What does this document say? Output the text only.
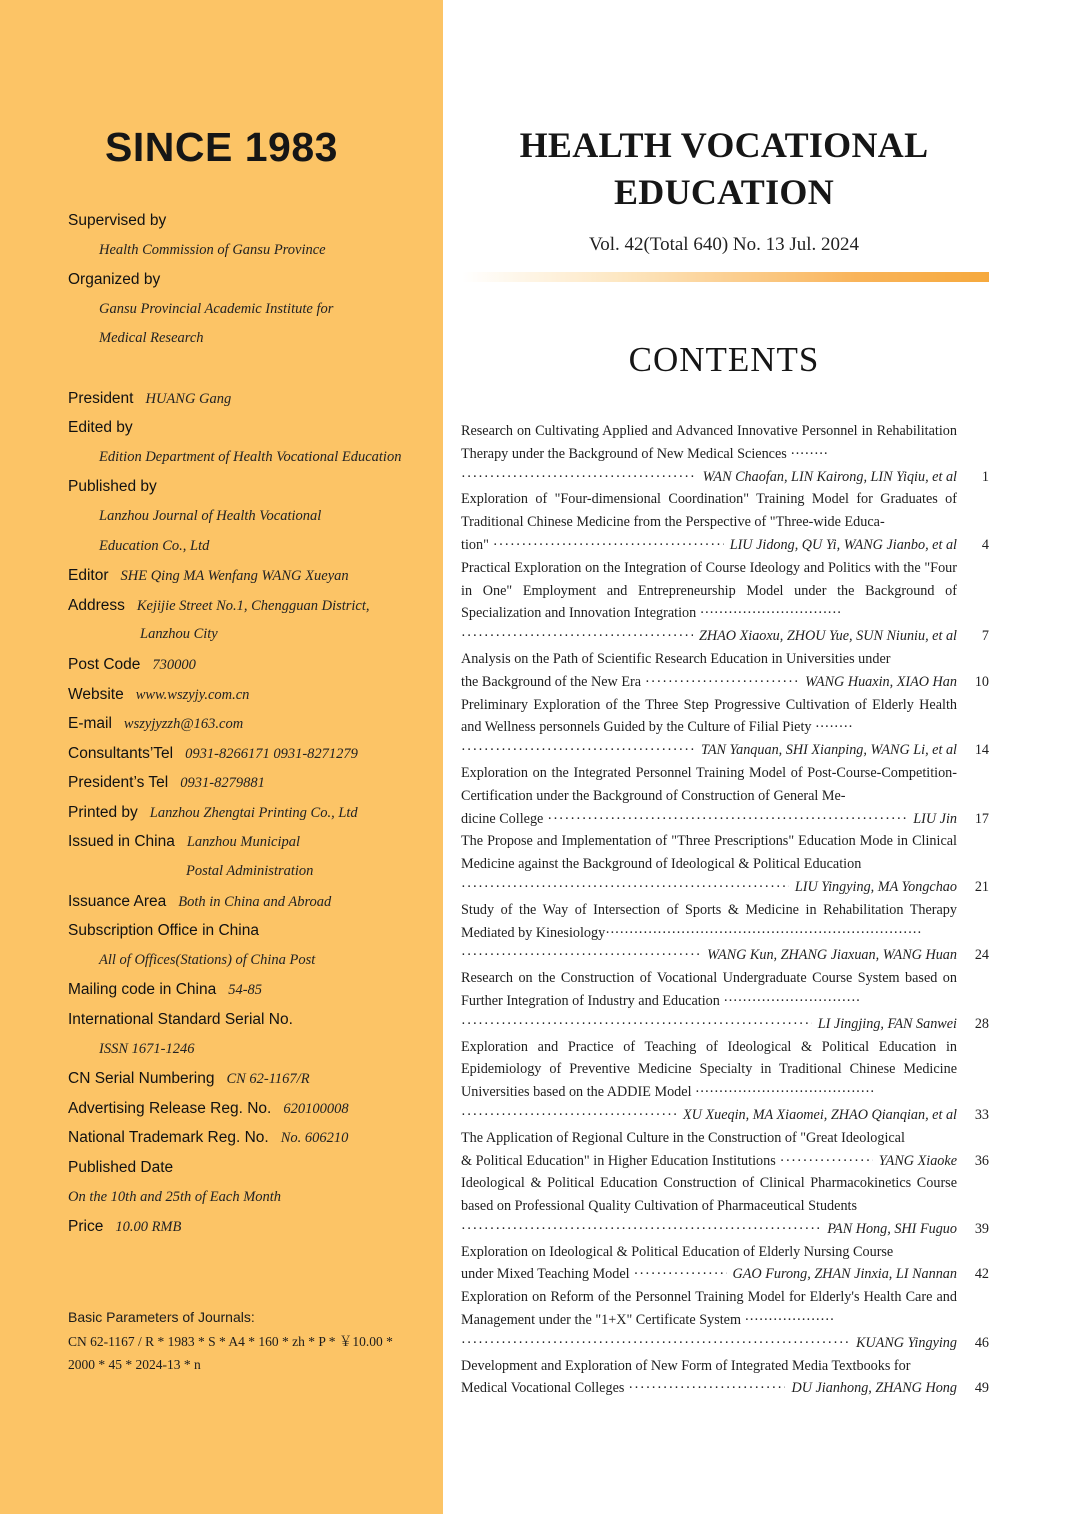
SINCE 1983
Supervised by
Health Commission of Gansu Province
Organized by
Gansu Provincial Academic Institute for
Medical Research
President HUANG Gang
Edited by
Edition Department of Health Vocational Education
Published by
Lanzhou Journal of Health Vocational
Education Co., Ltd
Editor SHE Qing MA Wenfang WANG Xueyan
Address Kejijie Street No.1, Chengguan District,
Lanzhou City
Post Code 730000
Website www.wszyjy.com.cn
E-mail wszyjyzzh@163.com
Consultants’Tel 0931-8266171 0931-8271279
President’s Tel 0931-8279881
Printed by Lanzhou Zhengtai Printing Co., Ltd
Issued in China Lanzhou Municipal
Postal Administration
Issuance Area Both in China and Abroad
Subscription Office in China
All of Offices(Stations) of China Post
Mailing code in China 54-85
International Standard Serial No.
ISSN 1671-1246
CN Serial Numbering CN 62-1167/R
Advertising Release Reg. No. 620100008
National Trademark Reg. No. No. 606210
Published Date
On the 10th and 25th of Each Month
Price 10.00 RMB
Basic Parameters of Journals:
CN 62-1167 / R * 1983 * S * A4 * 160 * zh * P * ￥10.00 *
2000 * 45 * 2024-13 * n
HEALTH VOCATIONAL EDUCATION
Vol. 42(Total 640) No. 13 Jul. 2024
CONTENTS
Research on Cultivating Applied and Advanced Innovative Personnel in Rehabilitation Therapy under the Background of New Medical Sciences ········
·····
WAN Chaofan, LIN Kairong, LIN Yiqiu, et al	1
Exploration of "Four-dimensional Coordination" Training Model for Graduates of Traditional Chinese Medicine from the Perspective of "Three-wide Educa-
tion" ·····	LIU Jidong, QU Yi, WANG Jianbo, et al	4
Practical Exploration on the Integration of Course Ideology and Politics with the "Four in One" Employment and Entrepreneurship Model under the Background of Specialization and Innovation Integration ······························
·····
ZHAO Xiaoxu, ZHOU Yue, SUN Niuniu, et al	7
Analysis on the Path of Scientific Research Education in Universities under
the Background of the New Era ·····	WANG Huaxin, XIAO Han	10
Preliminary Exploration of the Three Step Progressive Cultivation of Elderly Health and Wellness personnels Guided by the Culture of Filial Piety ········
·····
TAN Yanquan, SHI Xianping, WANG Li, et al	14
Exploration on the Integrated Personnel Training Model of Post-Course-Competition-Certification under the Background of Construction of General Me-
dicine College ·····	LIU Jin	17
The Propose and Implementation of "Three Prescriptions" Education Mode in Clinical Medicine against the Background of Ideological & Political Education
·····
LIU Yingying, MA Yongchao	21
Study of the Way of Intersection of Sports & Medicine in Rehabilitation Therapy Mediated by Kinesiology···································································
·····
WANG Kun, ZHANG Jiaxuan, WANG Huan	24
Research on the Construction of Vocational Undergraduate Course System based on Further Integration of Industry and Education ·····························
·····
LI Jingjing, FAN Sanwei	28
Exploration and Practice of Teaching of Ideological & Political Education in Epidemiology of Preventive Medicine Specialty in Traditional Chinese Medicine Universities based on the ADDIE Model ······································
·····
XU Xueqin, MA Xiaomei, ZHAO Qianqian, et al	33
The Application of Regional Culture in the Construction of "Great Ideological
& Political Education" in Higher Education Institutions ·····	YANG Xiaoke	36
Ideological & Political Education Construction of Clinical Pharmacokinetics Course based on Professional Quality Cultivation of Pharmaceutical Students
·····
PAN Hong, SHI Fuguo	39
Exploration on Ideological & Political Education of Elderly Nursing Course
under Mixed Teaching Model ·····	GAO Furong, ZHAN Jinxia, LI Nannan	42
Exploration on Reform of the Personnel Training Model for Elderly's Health Care and Management under the "1+X" Certificate System ···················
·····
KUANG Yingying	46
Development and Exploration of New Form of Integrated Media Textbooks for
Medical Vocational Colleges ·····	DU Jianhong, ZHANG Hong	49
